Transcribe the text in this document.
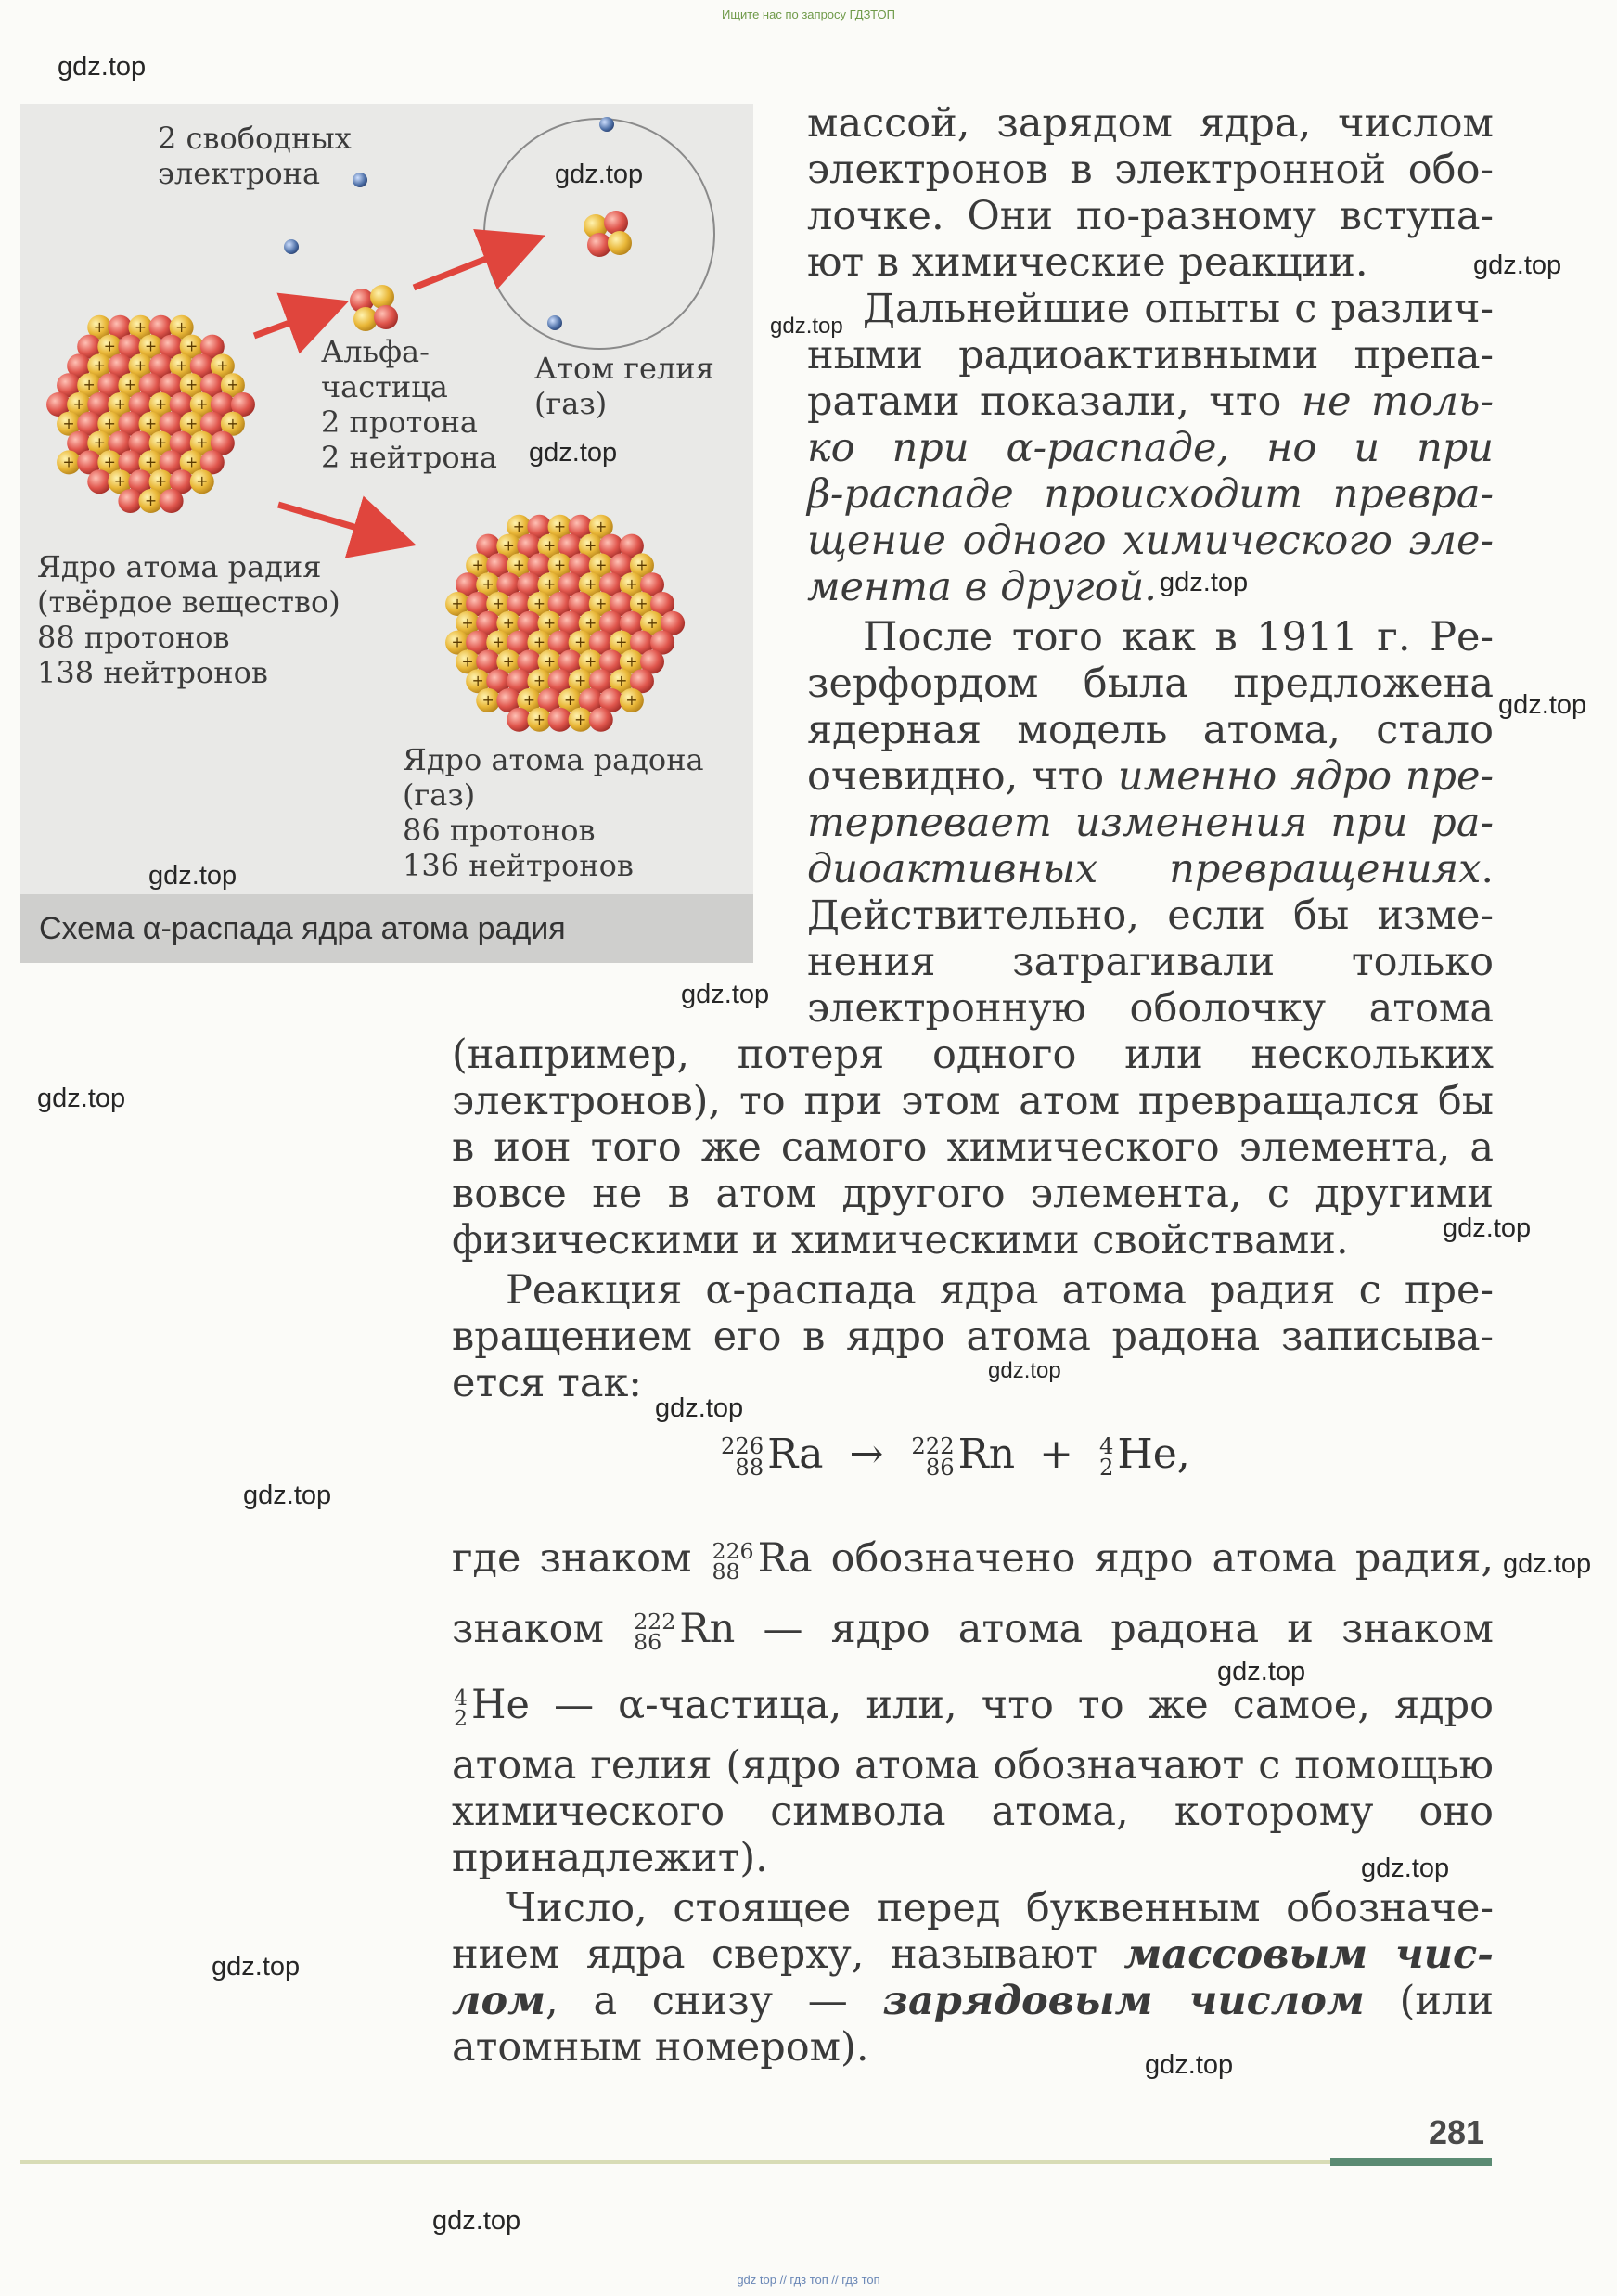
Ищите нас по запросу ГДЗТОП
+ + +
+ + +
+ + + +
+ +	+ +
+ + + +
+ + + + +
+	+ +
+ + + +
+ + +
+
+ + +
+ + +
+ + + + +
+	+ + +
+ + +	+ +
+ + + +	+
+ + + + +
+ + + + +
+	+ + +
+ + +	+
+ +
2 свободных
электрона
Альфа-
частица
2 протона
2 нейтрона
Атом гелия
(газ)
Ядро атома радия
(твёрдое вещество)
88 протонов
138 нейтронов
Ядро атома радона
(газ)
86 протонов
136 нейтронов
Схема α-распада ядра атома радия
массой, зарядом ядра, числом
электронов в электронной обо-
лочке. Они по-разному вступа-
ют в химические реакции.
Дальнейшие опыты с различ-
ными радиоактивными препа-
ратами показали, что не толь-
ко при α-распаде, но и при
β-распаде происходит превра-
щение одного химического эле-
мента в другой.
После того как в 1911 г. Ре-
зерфордом была предложена
ядерная модель атома, стало
очевидно, что именно ядро пре-
терпевает изменения при ра-
диоактивных превращениях.
Действительно, если бы изме-
нения затрагивали только
электронную оболочку атома
(например, потеря одного или нескольких
электронов), то при этом атом превращался бы
в ион того же самого химического элемента, а
вовсе не в атом другого элемента, с другими
физическими и химическими свойствами.
Реакция α-распада ядра атома радия с пре-
вращением его в ядро атома радона записыва-
ется так:
226
88 Ra → 222
86 Rn + 4
2 He,
где знаком 226
88 Ra обозначено ядро атома радия,
знаком 222
86 Rn — ядро атома радона и знаком
4
2 He — α-частица, или, что то же самое, ядро
атома гелия (ядро атома обозначают с помощью
химического символа атома, которому оно
принадлежит).
Число, стоящее перед буквенным обозначе-
нием ядра сверху, называют массовым чис-
лом, а снизу — зарядовым числом (или
атомным номером).
281
gdz.top
gdz.top
gdz.top
gdz.top
gdz.top
gdz.top
gdz.top
gdz.top
gdz.top
gdz.top
gdz.top
gdz.top
gdz.top
gdz.top
gdz.top
gdz.top
gdz.top
gdz.top
gdz.top
gdz.top
gdz top // гдз топ // гдз топ
